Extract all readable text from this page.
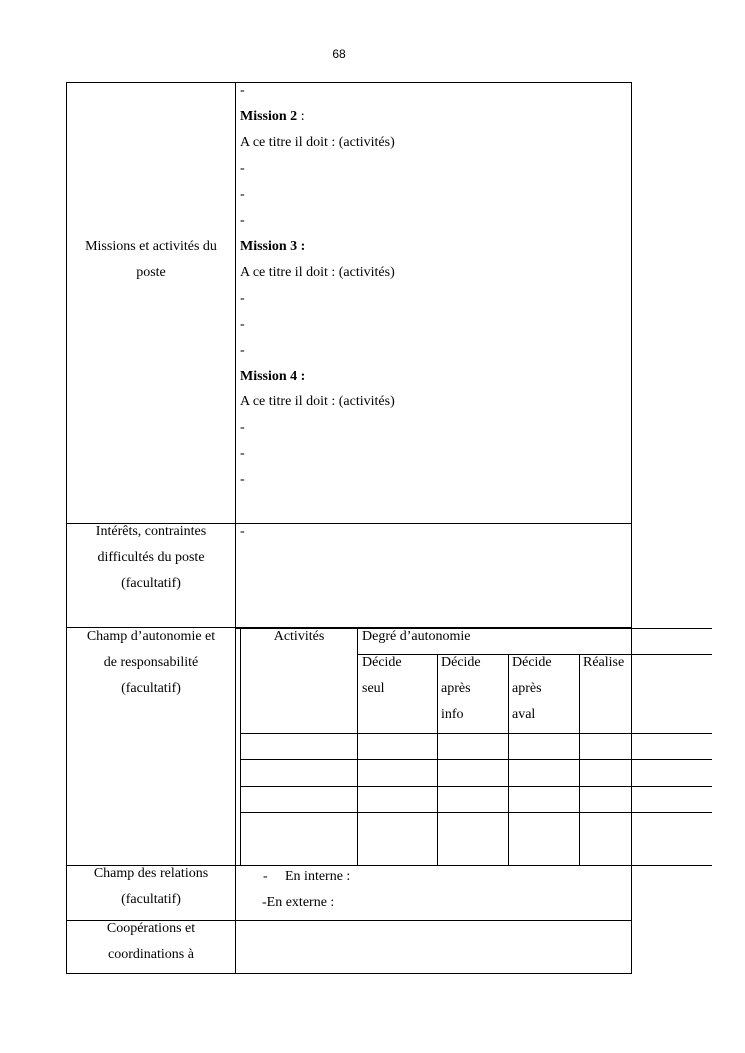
68
Missions et activités du
poste
-
Mission 2 :
A ce titre il doit : (activités)
-
-
-
Mission 3 :
A ce titre il doit : (activités)
-
-
-
Mission 4 :
A ce titre il doit : (activités)
-
-
-
Intérêts, contraintes
difficultés du poste
(facultatif)
-
Champ d’autonomie et
de responsabilité
(facultatif)
Activités	Degré d’autonomie
Décide
seul
Décide
après
info
Décide
après
aval
Réalise
Champ des relations
(facultatif)
- En interne :
-En externe :
Coopérations et
coordinations à
